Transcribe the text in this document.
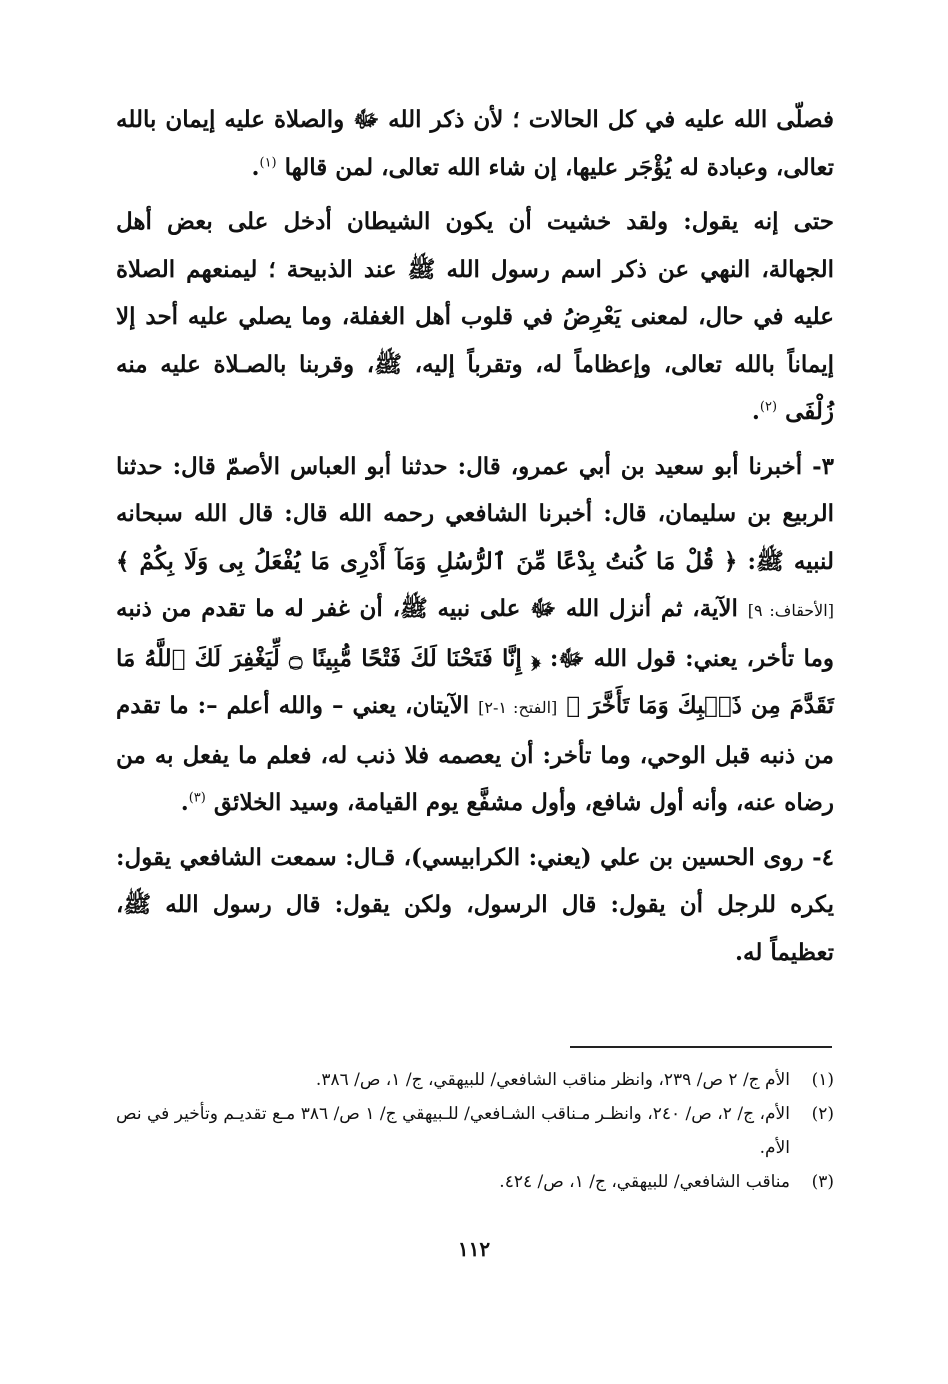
فصلّى الله عليه في كل الحالات ؛ لأن ذكر الله ﷻ والصلاة عليه إيمان بالله تعالى، وعبادة له يُؤْجَر عليها، إن شاء الله تعالى، لمن قالها $^{(١)}$.

حتى إنه يقول: ولقد خشيت أن يكون الشيطان أدخل على بعض أهل الجهالة، النهي عن ذكر اسم رسول الله ﷺ عند الذبيحة ؛ ليمنعهم الصلاة عليه في حال، لمعنى يَعْرِضُ في قلوب أهل الغفلة، وما يصلي عليه أحد إلا إيماناً بالله تعالى، وإعظاماً له، وتقرباً إليه، ﷺ، وقربنا بالصـلاة عليه منه زُلْفَى $^{(٢)}$.

٣- أخبرنا أبو سعيد بن أبي عمرو، قال: حدثنا أبو العباس الأصمّ قال: حدثنا الربيع بن سليمان، قال: أخبرنا الشافعي رحمه الله قال: قال الله سبحانه لنبيه ﷺ: ﴿ قُلْ مَا كُنتُ بِدْعًا مِّنَ ٱلرُّسُلِ وَمَآ أَدْرِى مَا يُفْعَلُ بِى وَلَا بِكُمْ ﴾ [الأحقاف: ٩] الآية، ثم أنزل الله ﷻ على نبيه ﷺ، أن غفر له ما تقدم من ذنبه وما تأخر، يعني: قول الله ﷻ: ﴿ إِنَّا فَتَحْنَا لَكَ فَتْحًا مُّبِينًا ۝ لِّيَغْفِرَ لَكَ ٱللَّهُ مَا تَقَدَّمَ مِن ذَنۢبِكَ وَمَا تَأَخَّرَ ﴾ [الفتح: ١-٢] الآيتان، يعني – والله أعلم –: ما تقدم من ذنبه قبل الوحي، وما تأخر: أن يعصمه فلا ذنب له، فعلم ما يفعل به من رضاه عنه، وأنه أول شافع، وأول مشفَّع يوم القيامة، وسيد الخلائق $^{(٣)}$.

٤- روى الحسين بن علي (يعني: الكرابيسي)، قـال: سمعت الشافعي يقول: يكره للرجل أن يقول: قال الرسول، ولكن يقول: قال رسول الله ﷺ، تعظيماً له.

(١)
الأم ج/ ٢ ص/ ٢٣٩، وانظر مناقب الشافعي/ للبيهقي، ج/ ١، ص/ ٣٨٦.
(٢)
الأم، ج/ ٢، ص/ ٢٤٠، وانظـر مـناقب الشـافعي/ للـبيهقي ج/ ١ ص/ ٣٨٦ مـع تقديـم وتأخير في نص الأم.
(٣)
مناقب الشافعي/ للبيهقي، ج/ ١، ص/ ٤٢٤.
١١٢
